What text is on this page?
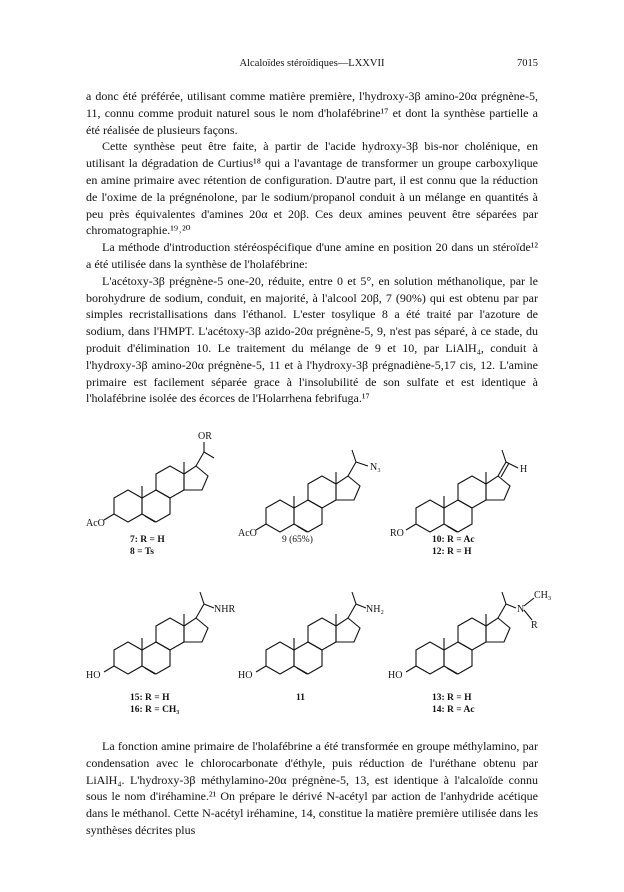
Alcaloïdes stéroïdiques—LXXVII	7015

a donc été préférée, utilisant comme matière première, l'hydroxy-3β amino-20α prégnène-5, 11, connu comme produit naturel sous le nom d'holafébrine¹⁷ et dont la synthèse partielle a été réalisée de plusieurs façons.

Cette synthèse peut être faite, à partir de l'acide hydroxy-3β bis-nor cholénique, en utilisant la dégradation de Curtius¹⁸ qui a l'avantage de transformer un groupe carboxylique en amine primaire avec rétention de configuration. D'autre part, il est connu que la réduction de l'oxime de la prégnénolone, par le sodium/propanol conduit à un mélange en quantités à peu près équivalentes d'amines 20α et 20β. Ces deux amines peuvent être séparées par chromatographie.¹⁹˒²⁰

La méthode d'introduction stéréospécifique d'une amine en position 20 dans un stéroïde¹² a été utilisée dans la synthèse de l'holafébrine:

L'acétoxy-3β prégnène-5 one-20, réduite, entre 0 et 5°, en solution méthanolique, par le borohydrure de sodium, conduit, en majorité, à l'alcool 20β, 7 (90%) qui est obtenu par par simples recristallisations dans l'éthanol. L'ester tosylique 8 a été traité par l'azoture de sodium, dans l'HMPT. L'acétoxy-3β azido-20α prégnène-5, 9, n'est pas séparé, à ce stade, du produit d'élimination 10. Le traitement du mélange de 9 et 10, par LiAlH₄, conduit à l'hydroxy-3β amino-20α prégnène-5, 11 et à l'hydroxy-3β prégnadiène-5,17 cis, 12. L'amine primaire est facilement séparée grace à l'insolubilité de son sulfate et est identique à l'holafébrine isolée des écorces de l'Holarrhena febrifuga.¹⁷

AcO
OR
7: R = H
8 = Ts
AcO
N₃
9 (65%)
RO
H
10: R = Ac
12: R = H
HO
NHR
15: R = H
16: R = CH₃
HO
NH₂
11
HO
CH₃
N
R
13: R = H
14: R = Ac

La fonction amine primaire de l'holafébrine a été transformée en groupe méthylamino, par condensation avec le chlorocarbonate d'éthyle, puis réduction de l'uréthane obtenu par LiAlH₄. L'hydroxy-3β méthylamino-20α prégnène-5, 13, est identique à l'alcaloïde connu sous le nom d'iréhamine.²¹ On prépare le dérivé N-acétyl par action de l'anhydride acétique dans le méthanol. Cette N-acétyl iréhamine, 14, constitue la matière première utilisée dans les synthèses décrites plus
